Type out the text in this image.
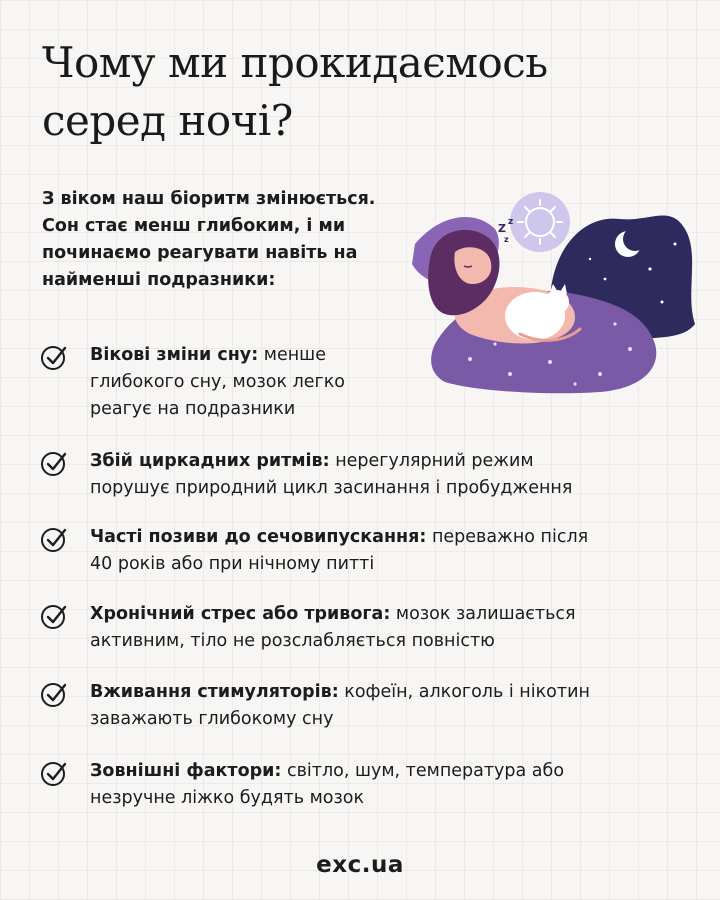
Чому ми прокидаємось
серед ночі?

З віком наш біоритм змінюється.
Сон стає менш глибоким, і ми
починаємо реагувати навіть на
найменші подразники:

Z z
z
Вікові зміни сну: менше
глибокого сну, мозок легко
реагує на подразники
Збій циркадних ритмів: нерегулярний режим
порушує природний цикл засинання і пробудження
Часті позиви до сечовипускання: переважно після
40 років або при нічному питті
Хронічний стрес або тривога: мозок залишається
активним, тіло не розслабляється повністю
Вживання стимуляторів: кофеїн, алкоголь і нікотин
заважають глибокому сну
Зовнішні фактори: світло, шум, температура або
незручне ліжко будять мозок
exc.ua
